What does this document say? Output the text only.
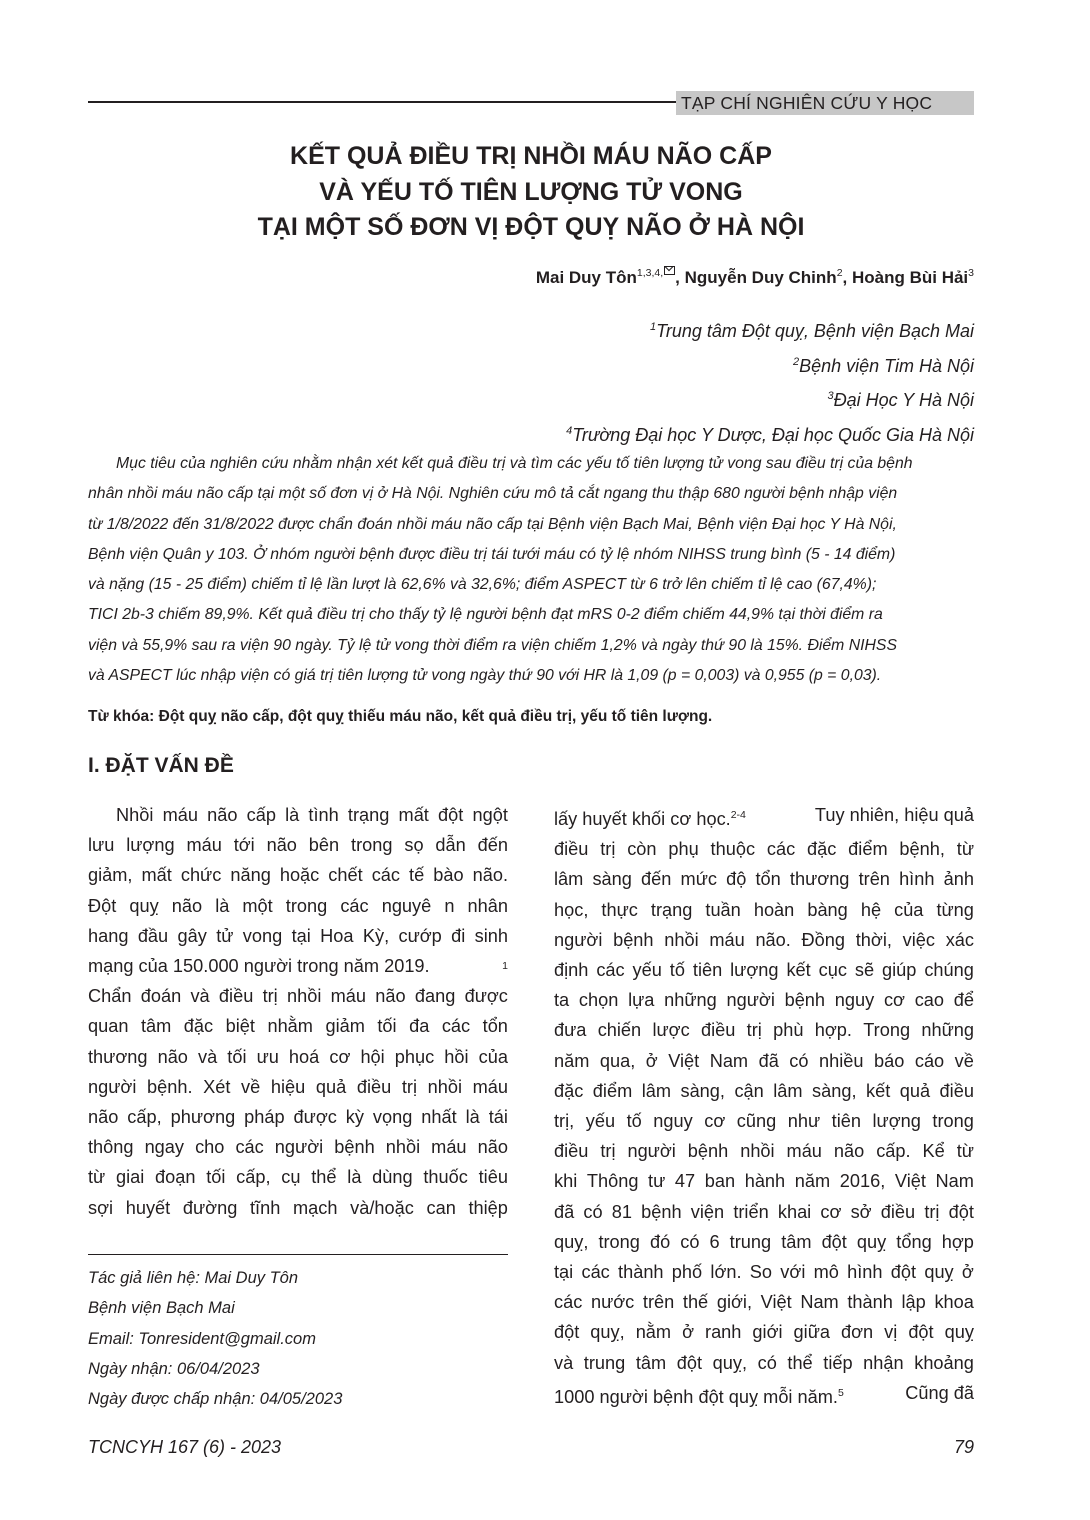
TẠP CHÍ NGHIÊN CỨU Y HỌC
KẾT QUẢ ĐIỀU TRỊ NHỒI MÁU NÃO CẤP
VÀ YẾU TỐ TIÊN LƯỢNG TỬ VONG
TẠI MỘT SỐ ĐƠN VỊ ĐỘT QUỴ NÃO Ở HÀ NỘI
Mai Duy Tôn$^{1,3,4,}$ , Nguyễn Duy Chinh$^2$, Hoàng Bùi Hải$^3$
$^1$Trung tâm Đột quỵ, Bệnh viện Bạch Mai
$^2$Bệnh viện Tim Hà Nội
$^3$Đại Học Y Hà Nội
$^4$Trường Đại học Y Dược, Đại học Quốc Gia Hà Nội
Mục tiêu của nghiên cứu nhằm nhận xét kết quả điều trị và tìm các yếu tố tiên lượng tử vong sau điều trị của bệnh
nhân nhồi máu não cấp tại một số đơn vị ở Hà Nội. Nghiên cứu mô tả cắt ngang thu thập 680 người bệnh nhập viện
từ 1/8/2022 đến 31/8/2022 được chẩn đoán nhồi máu não cấp tại Bệnh viện Bạch Mai, Bệnh viện Đại học Y Hà Nội,
Bệnh viện Quân y 103. Ở nhóm người bệnh được điều trị tái tưới máu có tỷ lệ nhóm NIHSS trung bình (5 - 14 điểm)
và nặng (15 - 25 điểm) chiếm tỉ lệ lần lượt là 62,6% và 32,6%; điểm ASPECT từ 6 trở lên chiếm tỉ lệ cao (67,4%);
TICI 2b-3 chiếm 89,9%. Kết quả điều trị cho thấy tỷ lệ người bệnh đạt mRS 0-2 điểm chiếm 44,9% tại thời điểm ra
viện và 55,9% sau ra viện 90 ngày. Tỷ lệ tử vong thời điểm ra viện chiếm 1,2% và ngày thứ 90 là 15%. Điểm NIHSS
và ASPECT lúc nhập viện có giá trị tiên lượng tử vong ngày thứ 90 với HR là 1,09 (p = 0,003) và 0,955 (p = 0,03).
Từ khóa: Đột quỵ não cấp, đột quỵ thiếu máu não, kết quả điều trị, yếu tố tiên lượng.
I. ĐẶT VẤN ĐỀ
Nhồi máu não cấp là tình trạng mất đột ngột
lưu lượng máu tới não bên trong sọ dẫn đến
giảm, mất chức năng hoặc chết các tế bào não.
Đột quỵ não là một trong các nguyê n nhân
hang đầu gây tử vong tại Hoa Kỳ, cướp đi sinh
mạng của 150.000 người trong năm 2019.	1
Chẩn đoán và điều trị nhồi máu não đang được
quan tâm đặc biệt nhằm giảm tối đa các tổn
thương não và tối ưu hoá cơ hội phục hồi của
người bệnh. Xét về hiệu quả điều trị nhồi máu
não cấp, phương pháp được kỳ vọng nhất là tái
thông ngay cho các người bệnh nhồi máu não
từ giai đoạn tối cấp, cụ thể là dùng thuốc tiêu
sợi huyết đường tĩnh mạch và/hoặc can thiệp
Tác giả liên hệ: Mai Duy Tôn
Bệnh viện Bạch Mai
Email: Tonresident@gmail.com
Ngày nhận: 06/04/2023
Ngày được chấp nhận: 04/05/2023
lấy huyết khối cơ học.$^{2-4}$	Tuy nhiên, hiệu quả
điều trị còn phụ thuộc các đặc điểm bệnh, từ
lâm sàng đến mức độ tổn thương trên hình ảnh
học, thực trạng tuần hoàn bàng hệ của từng
người bệnh nhồi máu não. Đồng thời, việc xác
định các yếu tố tiên lượng kết cục sẽ giúp chúng
ta chọn lựa những người bệnh nguy cơ cao để
đưa chiến lược điều trị phù hợp. Trong những
năm qua, ở Việt Nam đã có nhiều báo cáo về
đặc điểm lâm sàng, cận lâm sàng, kết quả điều
trị, yếu tố nguy cơ cũng như tiên lượng trong
điều trị người bệnh nhồi máu não cấp. Kể từ
khi Thông tư 47 ban hành năm 2016, Việt Nam
đã có 81 bệnh viện triển khai cơ sở điều trị đột
quỵ, trong đó có 6 trung tâm đột quỵ tổng hợp
tại các thành phố lớn. So với mô hình đột quỵ ở
các nước trên thế giới, Việt Nam thành lập khoa
đột quỵ, nằm ở ranh giới giữa đơn vị đột quỵ
và trung tâm đột quỵ, có thể tiếp nhận khoảng
1000 người bệnh đột quỵ mỗi năm.$^5$	Cũng đã
TCNCYH 167 (6) - 2023	79
